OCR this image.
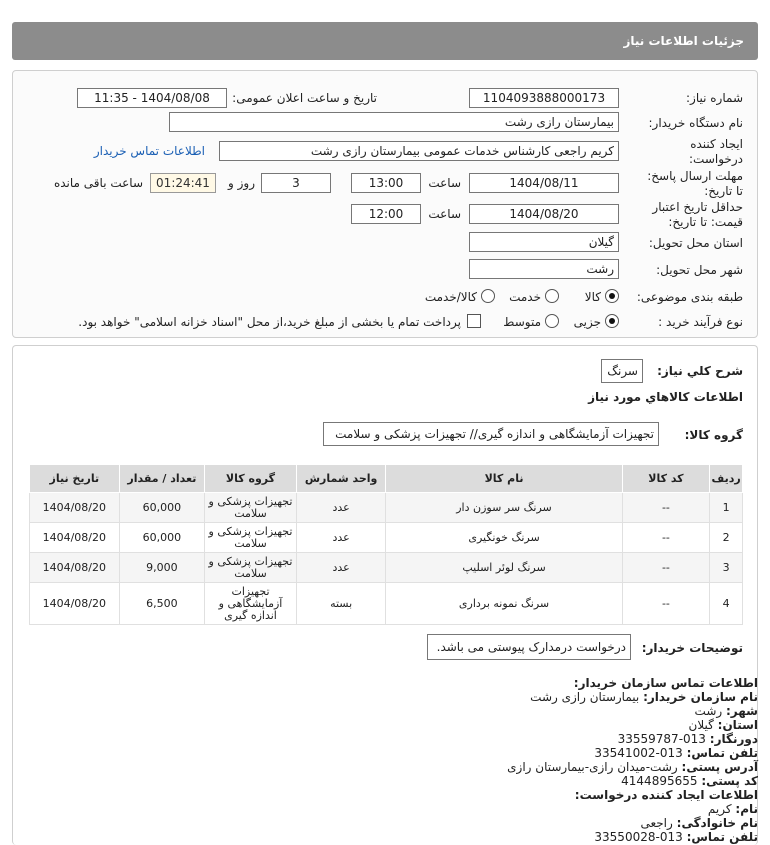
جزئیات اطلاعات نیاز
شماره نیاز:
1104093888000173
تاریخ و ساعت اعلان عمومی:
1404/08/08 - 11:35
نام دستگاه خریدار:
بیمارستان رازی رشت
ایجاد کننده
درخواست:
کریم راجعی کارشناس خدمات عمومی بیمارستان رازی رشت
اطلاعات تماس خریدار
مهلت ارسال پاسخ:
تا تاریخ:
1404/08/11
ساعت
13:00
3
روز و
01:24:41
ساعت باقی مانده
حداقل تاریخ اعتبار
قیمت: تا تاریخ:
1404/08/20
ساعت
12:00
استان محل تحویل:
گیلان
شهر محل تحویل:
رشت
طبقه بندی موضوعی:
کالا
خدمت
کالا/خدمت
نوع فرآیند خرید :
جزیی
متوسط
پرداخت تمام یا بخشی از مبلغ خرید،از محل "اسناد خزانه اسلامی" خواهد بود.
شرح کلي نياز:
سرنگ
اطلاعات کالاهاي مورد نياز
گروه کالا:
تجهیزات آزمایشگاهی و اندازه گیری// تجهیزات پزشکی و سلامت
ردیف	کد کالا	نام کالا	واحد شمارش	گروه کالا	تعداد / مقدار	تاریخ نیاز
1	--	سرنگ سر سوزن دار	عدد	تجهیزات پزشکی و سلامت	60,000	1404/08/20
2	--	سرنگ خونگیری	عدد	تجهیزات پزشکی و سلامت	60,000	1404/08/20
3	--	سرنگ لوئر اسلیپ	عدد	تجهیزات پزشکی و سلامت	9,000	1404/08/20
4	--	سرنگ نمونه برداری	بسته	تجهیزات آزمایشگاهی و اندازه گیری	6,500	1404/08/20
توضیحات خریدار:
درخواست درمدارک پیوستی می باشد.
اطلاعات تماس سازمان خریدار:
نام سازمان خریدار: بیمارستان رازی رشت
شهر: رشت
استان: گیلان
دورنگار: 013-33559787
تلفن تماس: 013-33541002
آدرس پستی: رشت-میدان رازی-بیمارستان رازی
کد پستی: 4144895655
اطلاعات ایجاد کننده درخواست:
نام: کریم
نام خانوادگی: راجعی
تلفن تماس: 013-33550028
